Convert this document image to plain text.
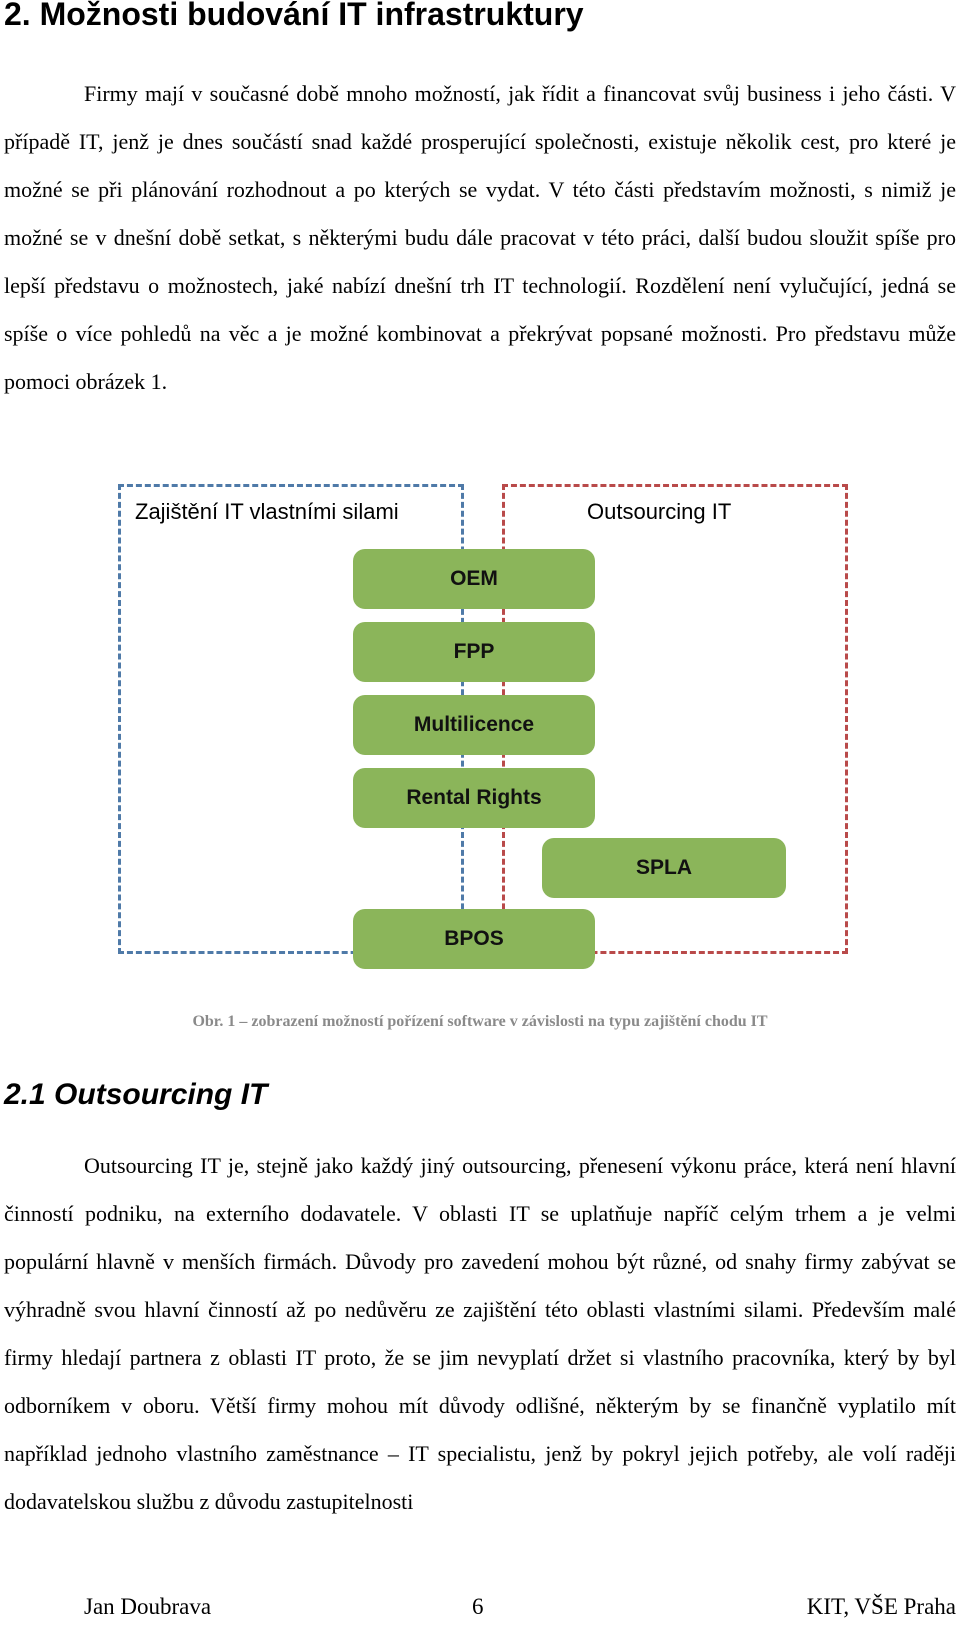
2. Možnosti budování IT infrastruktury

Firmy mají v současné době mnoho možností, jak řídit a financovat svůj business i jeho části. V případě IT, jenž je dnes součástí snad každé prosperující společnosti, existuje několik cest, pro které je možné se při plánování rozhodnout a po kterých se vydat. V této části představím možnosti, s nimiž je možné se v dnešní době setkat, s některými budu dále pracovat v této práci, další budou sloužit spíše pro lepší představu o možnostech, jaké nabízí dnešní trh IT technologií. Rozdělení není vylučující, jedná se spíše o více pohledů na věc a je možné kombinovat a překrývat popsané možnosti. Pro představu může pomoci obrázek 1.

Zajištění IT vlastními silami	Outsourcing IT
OEM
FPP
Multilicence
Rental Rights
SPLA
BPOS

Obr. 1 – zobrazení možností pořízení software v závislosti na typu zajištění chodu IT

2.1 Outsourcing IT

Outsourcing IT je, stejně jako každý jiný outsourcing, přenesení výkonu práce, která není hlavní činností podniku, na externího dodavatele. V oblasti IT se uplatňuje napříč celým trhem a je velmi populární hlavně v menších firmách. Důvody pro zavedení mohou být různé, od snahy firmy zabývat se výhradně svou hlavní činností až po nedůvěru ze zajištění této oblasti vlastními silami. Především malé firmy hledají partnera z oblasti IT proto, že se jim nevyplatí držet si vlastního pracovníka, který by byl odborníkem v oboru. Větší firmy mohou mít důvody odlišné, některým by se finančně vyplatilo mít například jednoho vlastního zaměstnance – IT specialistu, jenž by pokryl jejich potřeby, ale volí raději dodavatelskou službu z důvodu zastupitelnosti

Jan Doubrava	6	KIT, VŠE Praha
